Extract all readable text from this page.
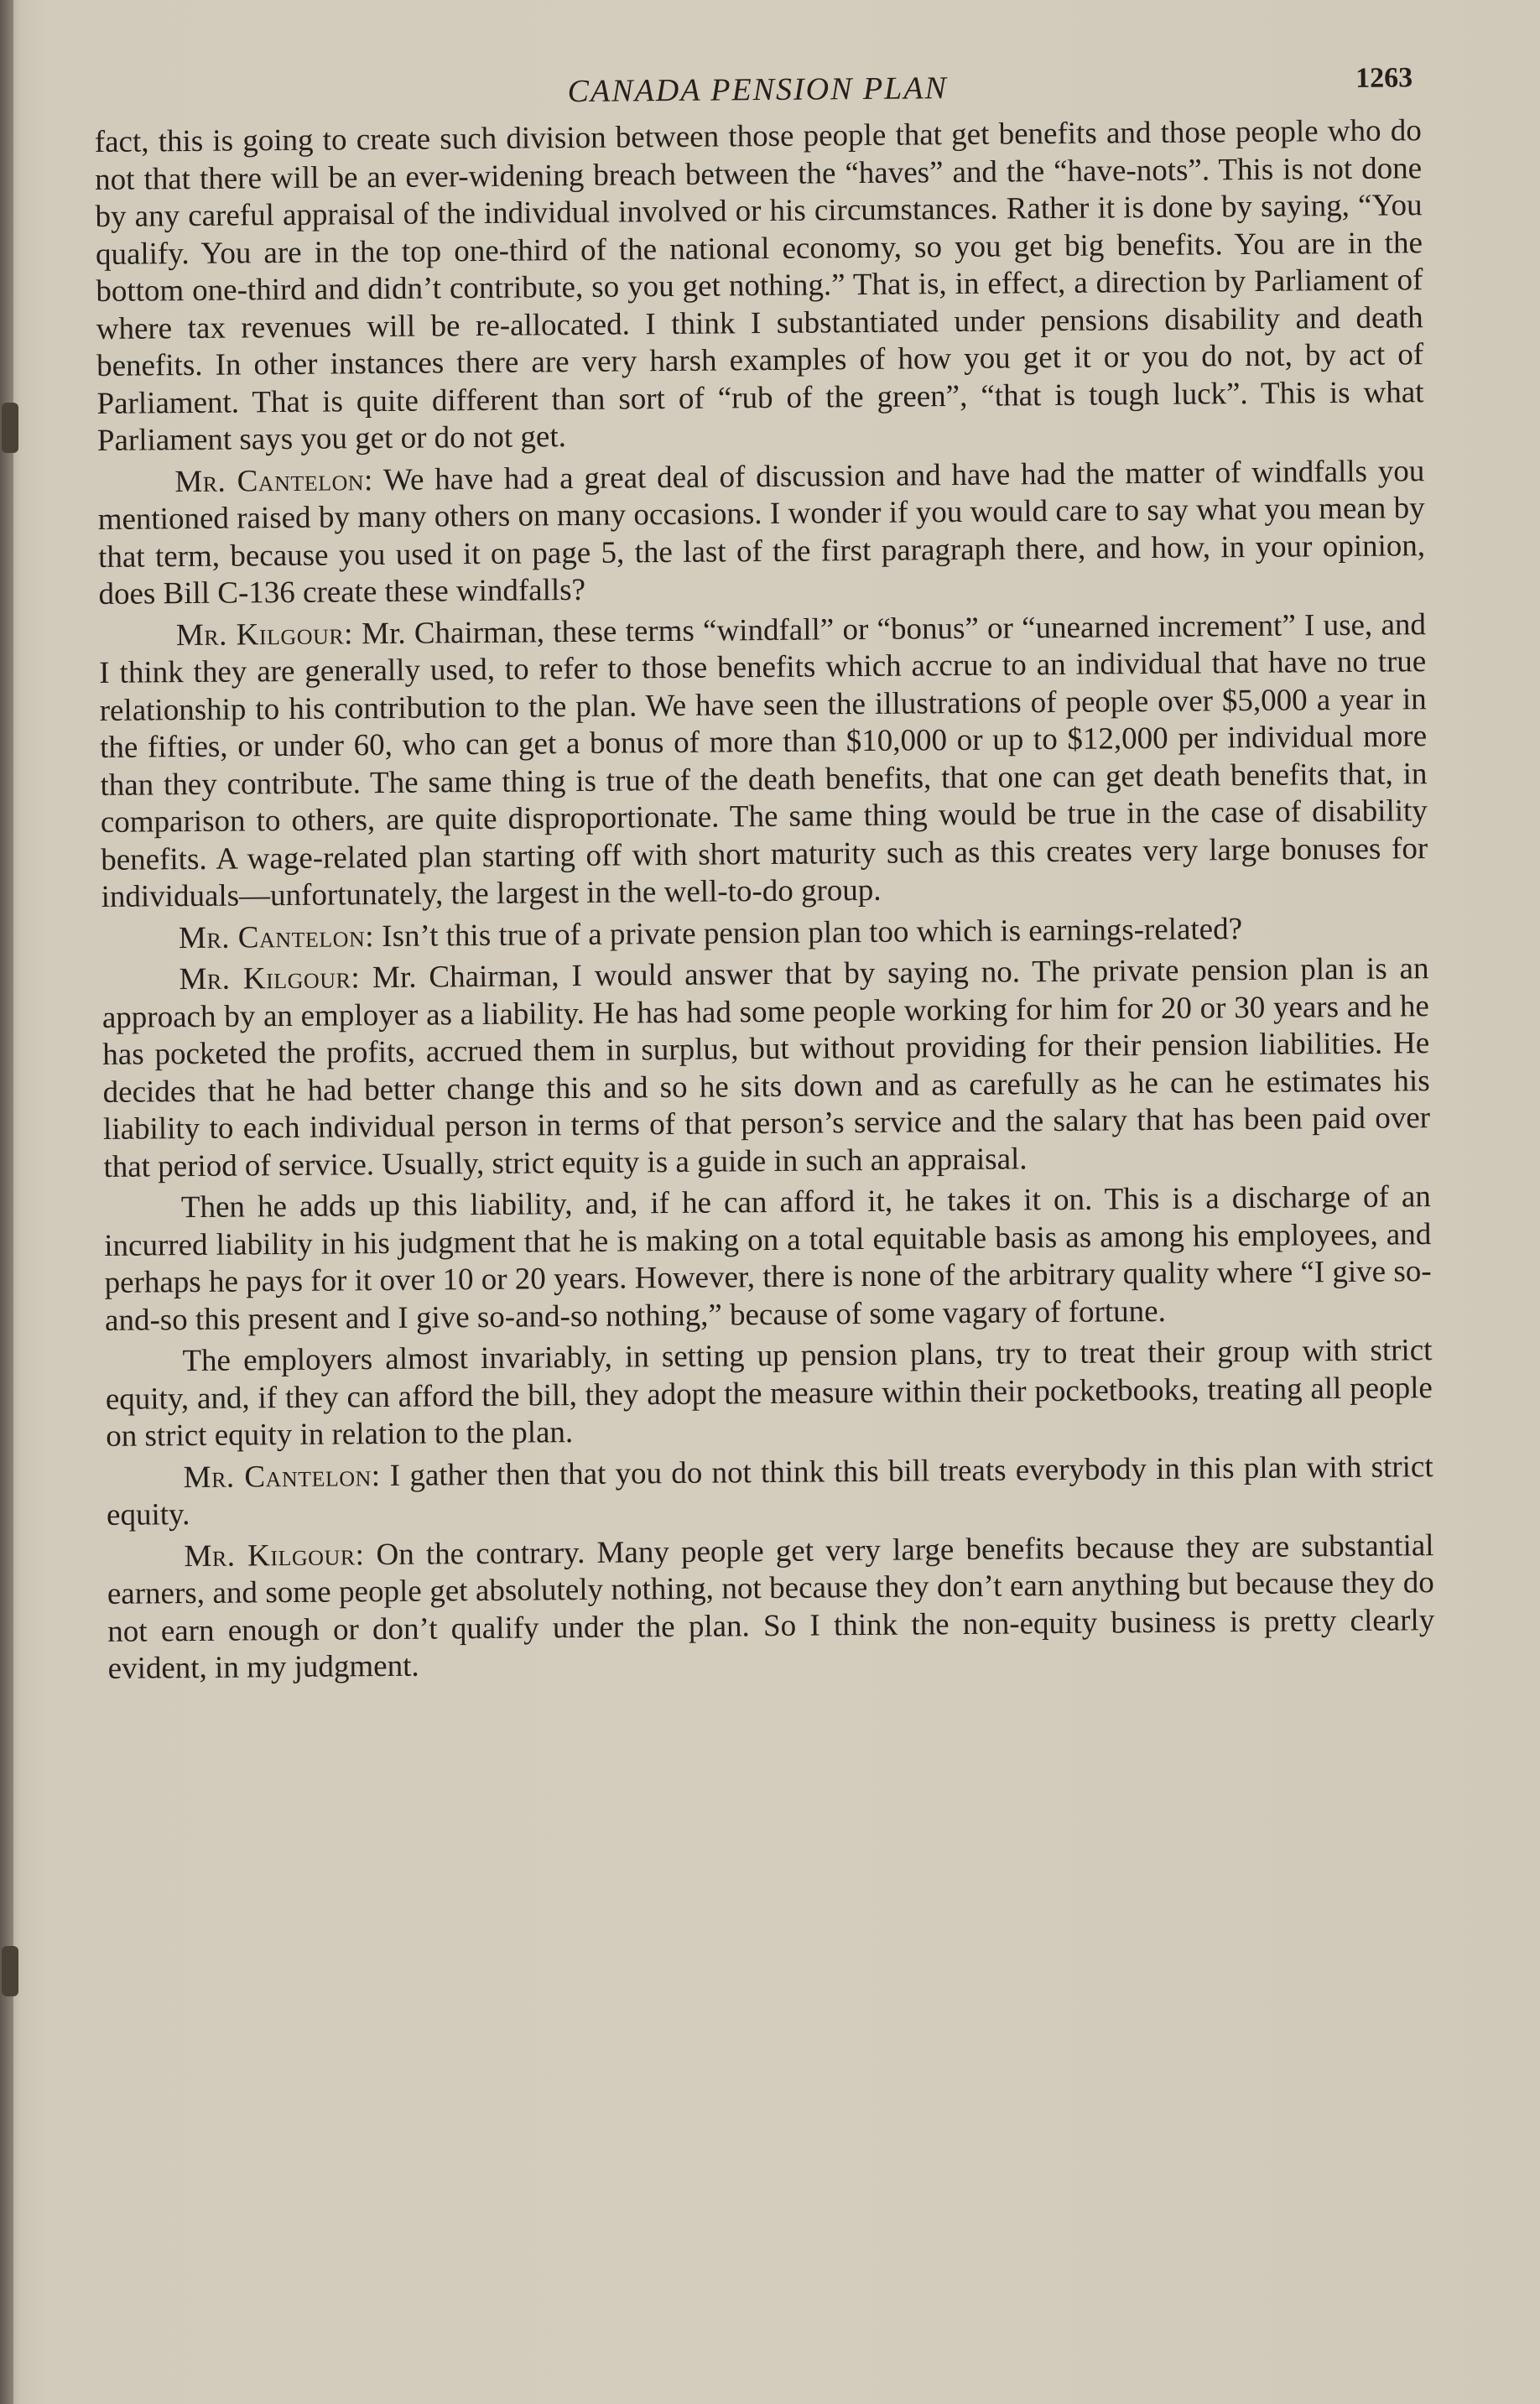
CANADA PENSION PLAN	1263

fact, this is going to create such division between those people that get benefits and those people who do not that there will be an ever-widening breach between the “haves” and the “have-nots”. This is not done by any careful appraisal of the individual involved or his circumstances. Rather it is done by saying, “You qualify. You are in the top one-third of the national economy, so you get big benefits. You are in the bottom one-third and didn’t contribute, so you get nothing.” That is, in effect, a direction by Parliament of where tax revenues will be re-allocated. I think I substantiated under pensions disability and death benefits. In other instances there are very harsh examples of how you get it or you do not, by act of Parliament. That is quite different than sort of “rub of the green”, “that is tough luck”. This is what Parliament says you get or do not get.

Mr. Cantelon: We have had a great deal of discussion and have had the matter of windfalls you mentioned raised by many others on many occasions. I wonder if you would care to say what you mean by that term, because you used it on page 5, the last of the first paragraph there, and how, in your opinion, does Bill C-136 create these windfalls?

Mr. Kilgour: Mr. Chairman, these terms “windfall” or “bonus” or “unearned increment” I use, and I think they are generally used, to refer to those benefits which accrue to an individual that have no true relationship to his contribution to the plan. We have seen the illustrations of people over $5,000 a year in the fifties, or under 60, who can get a bonus of more than $10,000 or up to $12,000 per individual more than they contribute. The same thing is true of the death benefits, that one can get death benefits that, in comparison to others, are quite disproportionate. The same thing would be true in the case of disability benefits. A wage-related plan starting off with short maturity such as this creates very large bonuses for individuals—unfortunately, the largest in the well-to-do group.

Mr. Cantelon: Isn’t this true of a private pension plan too which is earnings-related?

Mr. Kilgour: Mr. Chairman, I would answer that by saying no. The private pension plan is an approach by an employer as a liability. He has had some people working for him for 20 or 30 years and he has pocketed the profits, accrued them in surplus, but without providing for their pension liabilities. He decides that he had better change this and so he sits down and as carefully as he can he estimates his liability to each individual person in terms of that person’s service and the salary that has been paid over that period of service. Usually, strict equity is a guide in such an appraisal.

Then he adds up this liability, and, if he can afford it, he takes it on. This is a discharge of an incurred liability in his judgment that he is making on a total equitable basis as among his employees, and perhaps he pays for it over 10 or 20 years. However, there is none of the arbitrary quality where “I give so-and-so this present and I give so-and-so nothing,” because of some vagary of fortune.

The employers almost invariably, in setting up pension plans, try to treat their group with strict equity, and, if they can afford the bill, they adopt the measure within their pocketbooks, treating all people on strict equity in relation to the plan.

Mr. Cantelon: I gather then that you do not think this bill treats everybody in this plan with strict equity.

Mr. Kilgour: On the contrary. Many people get very large benefits because they are substantial earners, and some people get absolutely nothing, not because they don’t earn anything but because they do not earn enough or don’t qualify under the plan. So I think the non-equity business is pretty clearly evident, in my judgment.
